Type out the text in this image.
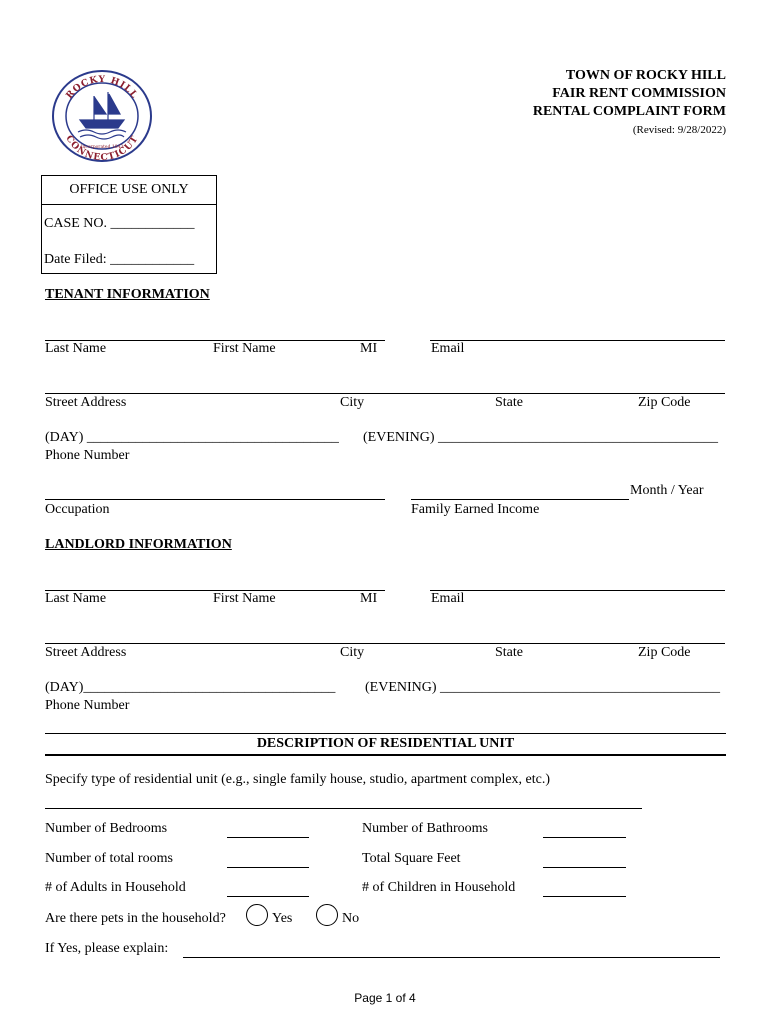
ROCKY HILL
CONNECTICUT
Incorporated 1843
TOWN OF ROCKY HILL
FAIR RENT COMMISSION
RENTAL COMPLAINT FORM
(Revised: 9/28/2022)
OFFICE USE ONLY
CASE NO. ____________
Date Filed: ____________
TENANT INFORMATION
Last Name	First Name	MI	Email
Street Address	City	State	Zip Code
(DAY) ____________________________________ (EVENING) ________________________________________
Phone Number
Month / Year
Occupation	Family Earned Income
LANDLORD INFORMATION
Last Name	First Name	MI	Email
Street Address	City	State	Zip Code
(DAY)____________________________________ (EVENING) ________________________________________
Phone Number
DESCRIPTION OF RESIDENTIAL UNIT
Specify type of residential unit (e.g., single family house, studio, apartment complex, etc.)
Number of Bedrooms	Number of Bathrooms
Number of total rooms	Total Square Feet
# of Adults in Household	# of Children in Household
Are there pets in the household?	Yes	No
If Yes, please explain:
Page 1 of 4
